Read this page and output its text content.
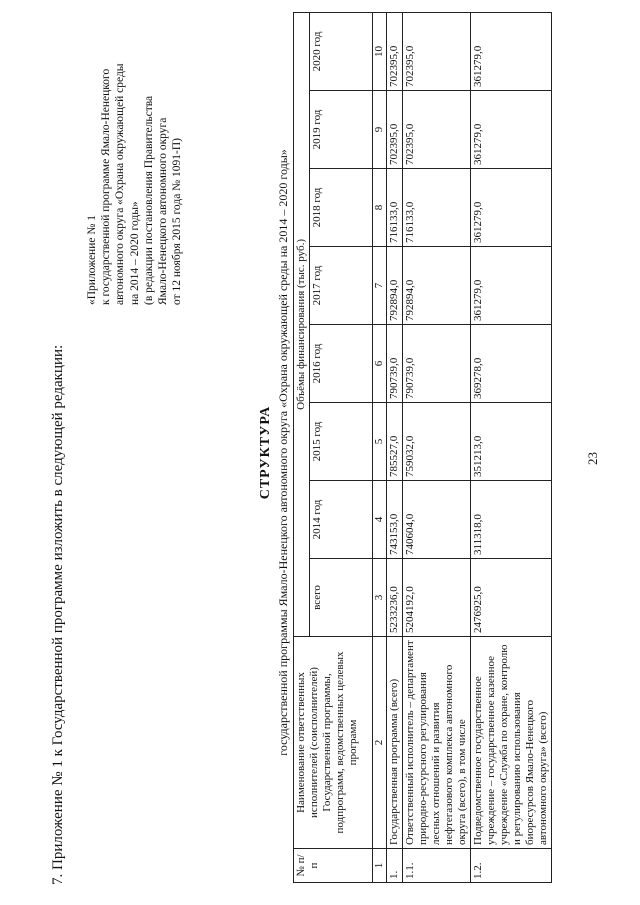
23
7. Приложение № 1 к Государственной программе изложить в следующей редакции:
«Приложение № 1 к государственной программе Ямало-Ненецкого автономного округа «Охрана окружающей среды на 2014 – 2020 годы» (в редакции постановления Правительства Ямало-Ненецкого автономного округа от 12 ноября 2015 года № 1091-П)
СТРУКТУРА государственной программы Ямало-Ненецкого автономного округа «Охрана окружающей среды на 2014 – 2020 годы»
№ п/п	Наименование ответственных исполнителей (соисполнителей) Государственной программы, подпрограмм, ведомственных целевых программ	Объёмы финансирования (тыс. руб.)							
		всего	2014 год	2015 год	2016 год	2017 год	2018 год	2019 год	2020 год
1	2	3	4	5	6	7	8	9	10
1.	Государственная программа (всего)	5233236,0	743153,0	785527,0	790739,0	792894,0	716133,0	702395,0	702395,0
1.1.	Ответственный исполнитель – департамент природно-ресурсного регулирования лесных отношений и развития нефтегазового комплекса автономного округа (всего), в том числе	5204192,0	740604,0	759032,0	790739,0	792894,0	716133,0	702395,0	702395,0
1.2.	Подведомственное государственное учреждение – государственное казенное учреждение «Служба по охране, контролю и регулированию использования биоресурсов Ямало-Ненецкого автономного округа» (всего)	2476925,0	311318,0	351213,0	369278,0	361279,0	361279,0	361279,0	361279,0
